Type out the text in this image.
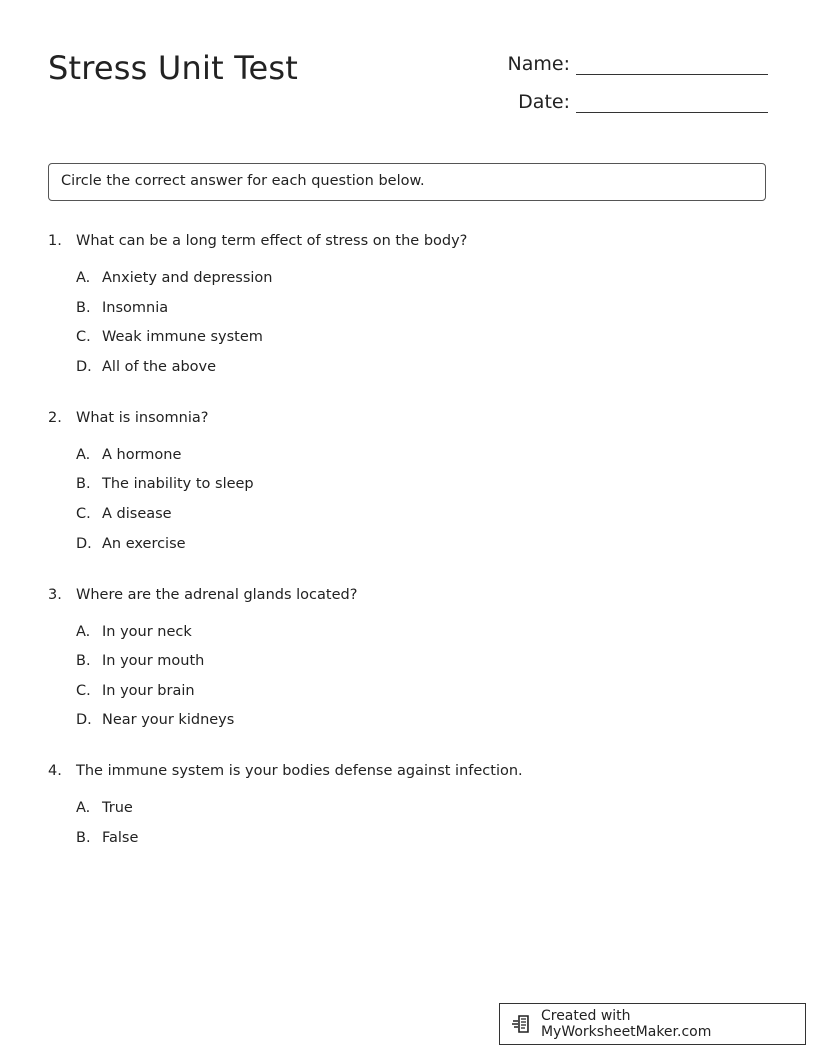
Stress Unit Test	Name:
Date:
Circle the correct answer for each question below.
1. What can be a long term effect of stress on the body?
A. Anxiety and depression
B. Insomnia
C. Weak immune system
D. All of the above
2. What is insomnia?
A. A hormone
B. The inability to sleep
C. A disease
D. An exercise
3. Where are the adrenal glands located?
A. In your neck
B. In your mouth
C. In your brain
D. Near your kidneys
4. The immune system is your bodies defense against infection.
A. True
B. False
Created with MyWorksheetMaker.com
